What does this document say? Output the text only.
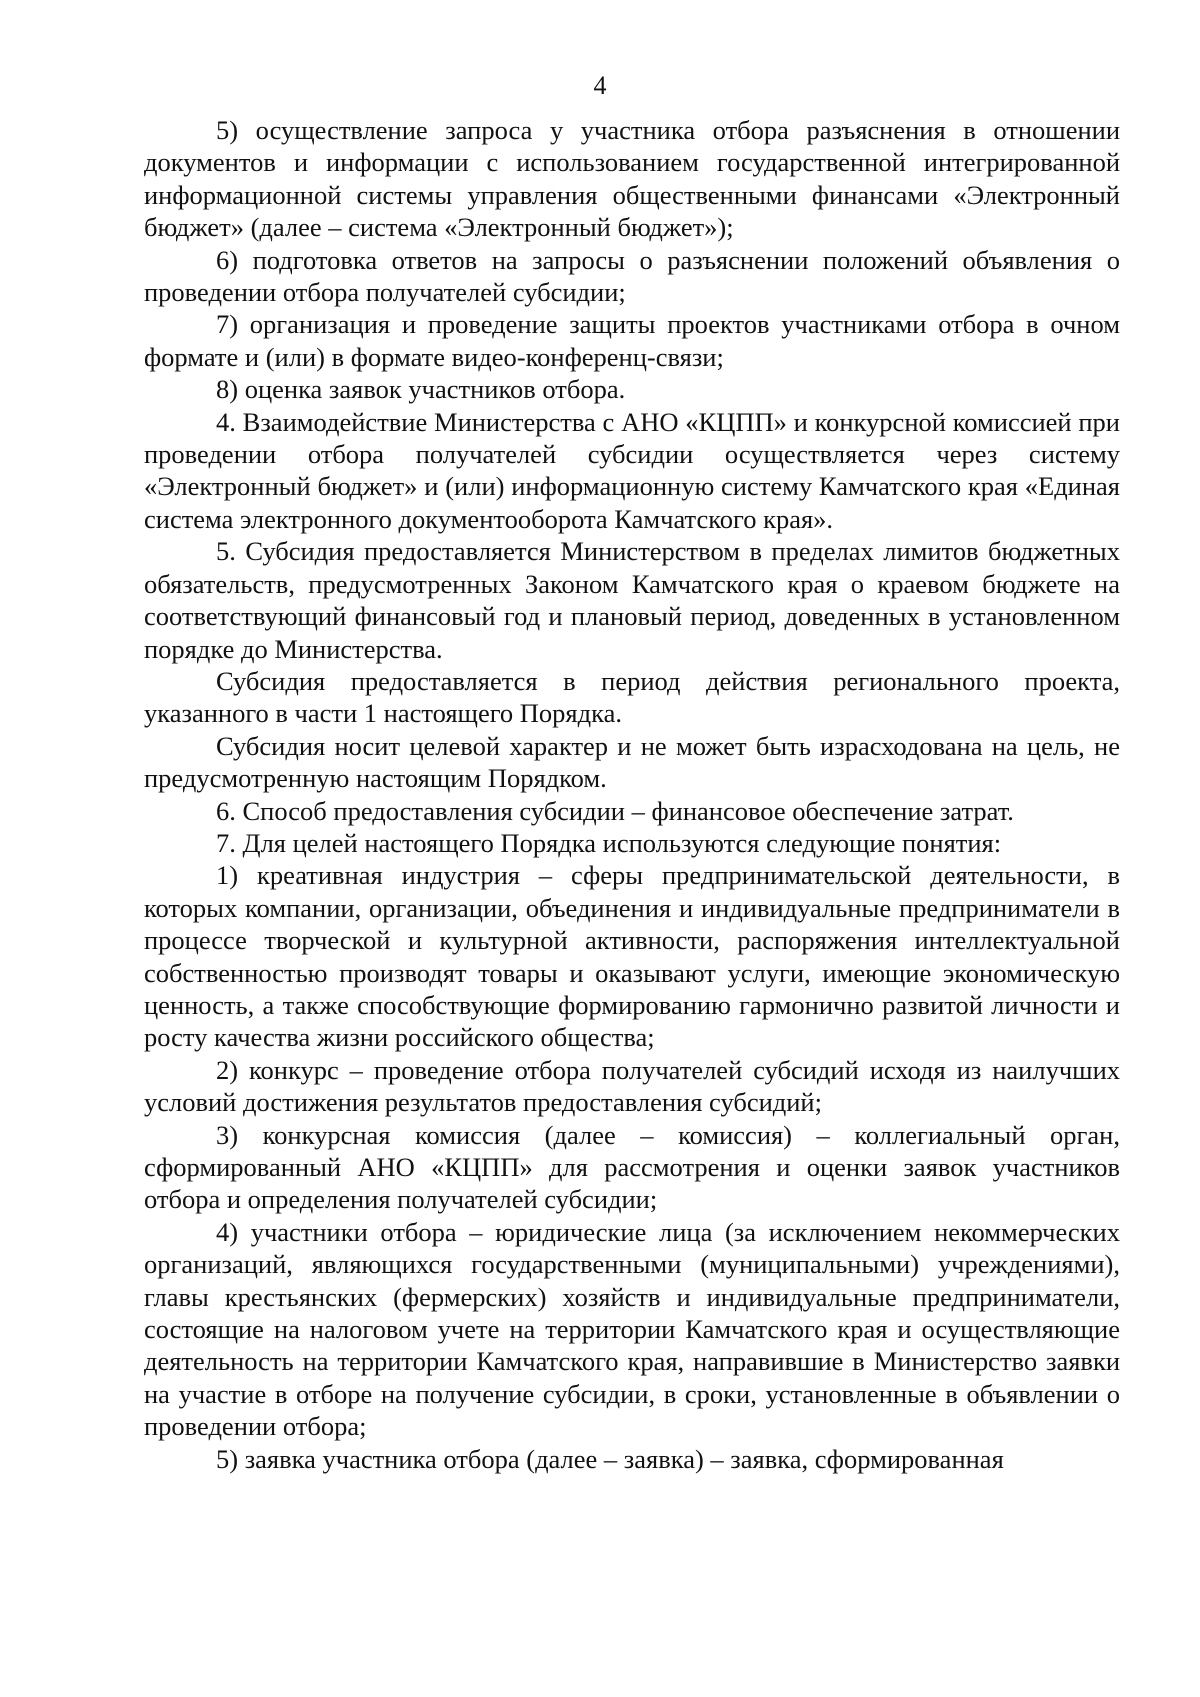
4

5) осуществление запроса у участника отбора разъяснения в отношении документов и информации с использованием государственной интегрированной информационной системы управления общественными финансами «Электронный бюджет» (далее – система «Электронный бюджет»);

6) подготовка ответов на запросы о разъяснении положений объявления о проведении отбора получателей субсидии;

7) организация и проведение защиты проектов участниками отбора в очном формате и (или) в формате видео-конференц-связи;

8) оценка заявок участников отбора.

4. Взаимодействие Министерства с АНО «КЦПП» и конкурсной комиссией при проведении отбора получателей субсидии осуществляется через систему «Электронный бюджет» и (или) информационную систему Камчатского края «Единая система электронного документооборота Камчатского края».

5. Субсидия предоставляется Министерством в пределах лимитов бюджетных обязательств, предусмотренных Законом Камчатского края о краевом бюджете на соответствующий финансовый год и плановый период, доведенных в установленном порядке до Министерства.

Субсидия предоставляется в период действия регионального проекта, указанного в части 1 настоящего Порядка.

Субсидия носит целевой характер и не может быть израсходована на цель, не предусмотренную настоящим Порядком.

6. Способ предоставления субсидии – финансовое обеспечение затрат.

7. Для целей настоящего Порядка используются следующие понятия:

1) креативная индустрия – сферы предпринимательской деятельности, в которых компании, организации, объединения и индивидуальные предприниматели в процессе творческой и культурной активности, распоряжения интеллектуальной собственностью производят товары и оказывают услуги, имеющие экономическую ценность, а также способствующие формированию гармонично развитой личности и росту качества жизни российского общества;

2) конкурс – проведение отбора получателей субсидий исходя из наилучших условий достижения результатов предоставления субсидий;

3) конкурсная комиссия (далее – комиссия) – коллегиальный орган, сформированный АНО «КЦПП» для рассмотрения и оценки заявок участников отбора и определения получателей субсидии;

4) участники отбора – юридические лица (за исключением некоммерческих организаций, являющихся государственными (муниципальными) учреждениями), главы крестьянских (фермерских) хозяйств и индивидуальные предприниматели, состоящие на налоговом учете на территории Камчатского края и осуществляющие деятельность на территории Камчатского края, направившие в Министерство заявки на участие в отборе на получение субсидии, в сроки, установленные в объявлении о проведении отбора;

5) заявка участника отбора (далее – заявка) – заявка, сформированная
